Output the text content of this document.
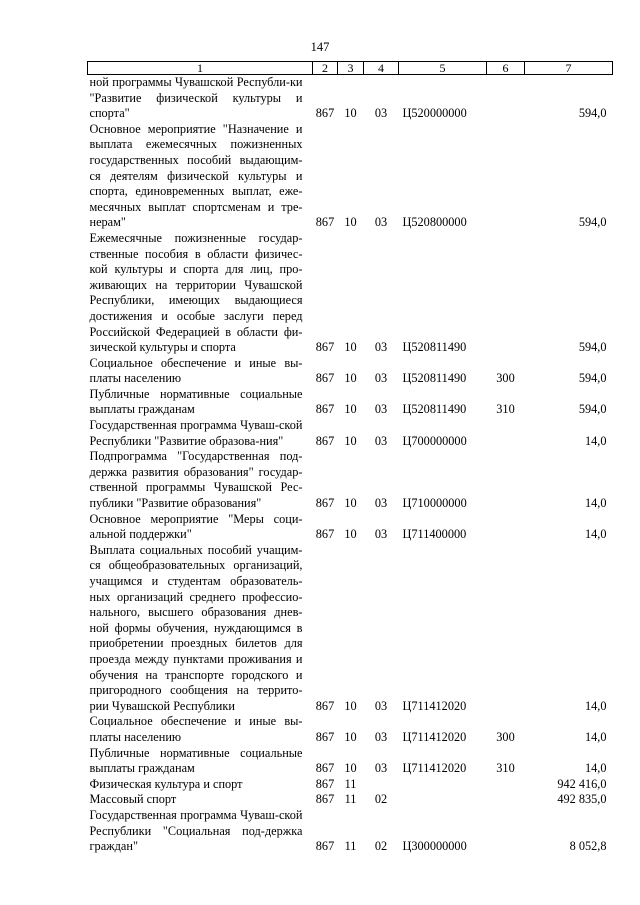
147
1	2	3	4	5	6	7
ной программы Чувашской Республи-ки "Развитие физической культуры и спорта"	867	10	03	Ц520000000		594,0
Основное мероприятие "Назначение и выплата ежемесячных пожизненных государственных пособий выдающим-ся деятелям физической культуры и спорта, единовременных выплат, еже-месячных выплат спортсменам и тре-нерам"	867	10	03	Ц520800000		594,0
Ежемесячные пожизненные государ-ственные пособия в области физичес-кой культуры и спорта для лиц, про-живающих на территории Чувашской Республики, имеющих выдающиеся достижения и особые заслуги перед Российской Федерацией в области фи-зической культуры и спорта	867	10	03	Ц520811490		594,0
Социальное обеспечение и иные вы-платы населению	867	10	03	Ц520811490	300	594,0
Публичные нормативные социальные выплаты гражданам	867	10	03	Ц520811490	310	594,0
Государственная программа Чуваш-ской Республики "Развитие образова-ния"	867	10	03	Ц700000000		14,0
Подпрограмма "Государственная под-держка развития образования" государ-ственной программы Чувашской Рес-публики "Развитие образования"	867	10	03	Ц710000000		14,0
Основное мероприятие "Меры соци-альной поддержки"	867	10	03	Ц711400000		14,0
Выплата социальных пособий учащим-ся общеобразовательных организаций, учащимся и студентам образователь-ных организаций среднего профессио-нального, высшего образования днев-ной формы обучения, нуждающимся в приобретении проездных билетов для проезда между пунктами проживания и обучения на транспорте городского и пригородного сообщения на террито-рии Чувашской Республики	867	10	03	Ц711412020		14,0
Социальное обеспечение и иные вы-платы населению	867	10	03	Ц711412020	300	14,0
Публичные нормативные социальные выплаты гражданам	867	10	03	Ц711412020	310	14,0
Физическая культура и спорт	867	11				942 416,0
Массовый спорт	867	11	02			492 835,0
Государственная программа Чуваш-ской Республики "Социальная под-держка граждан"	867	11	02	Ц300000000		8 052,8
